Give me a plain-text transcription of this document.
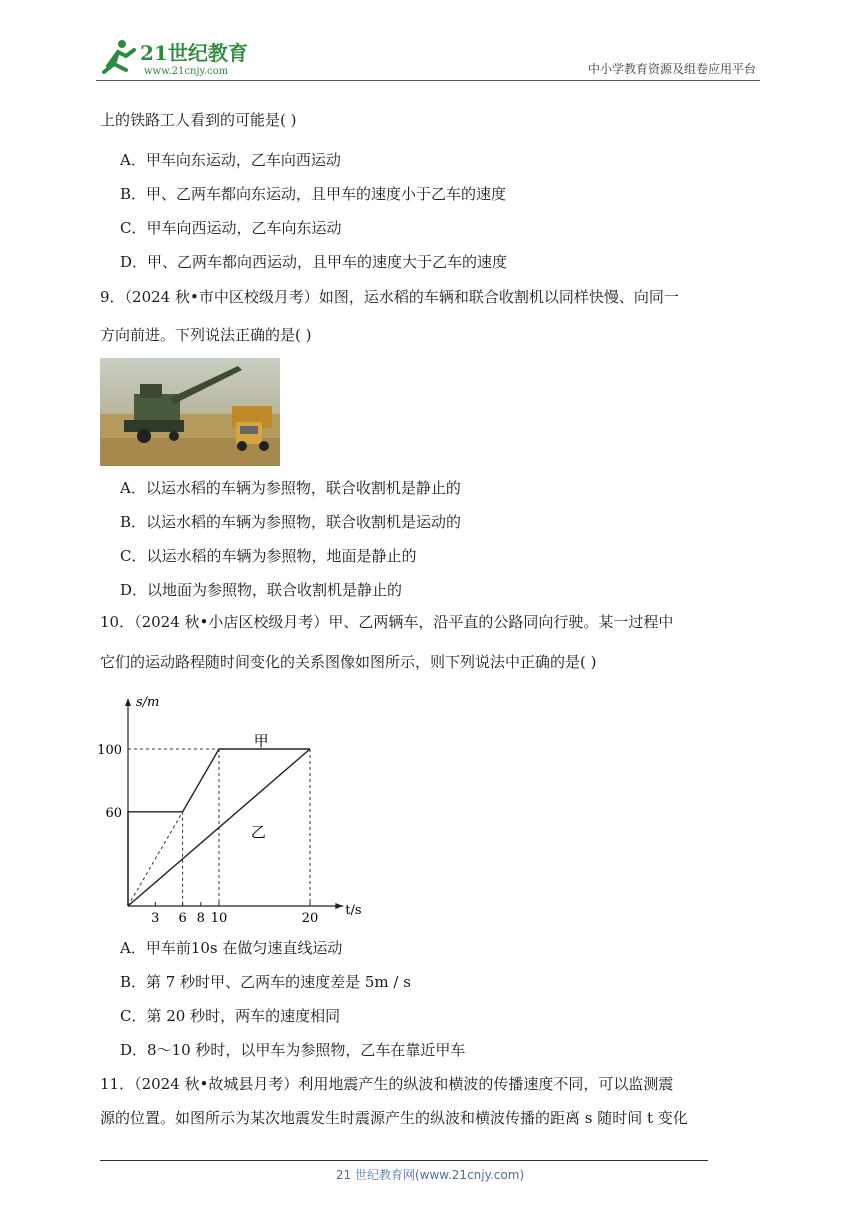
21世纪教育
www.21cnjy.com	中小学教育资源及组卷应用平台
上的铁路工人看到的可能是( )
A．甲车向东运动，乙车向西运动
B．甲、乙两车都向东运动，且甲车的速度小于乙车的速度
C．甲车向西运动，乙车向东运动
D．甲、乙两车都向西运动，且甲车的速度大于乙车的速度
9．（2024 秋•市中区校级月考）如图，运水稻的车辆和联合收割机以同样快慢、向同一
方向前进。下列说法正确的是( )
A．以运水稻的车辆为参照物，联合收割机是静止的
B．以运水稻的车辆为参照物，联合收割机是运动的
C．以运水稻的车辆为参照物，地面是静止的
D．以地面为参照物，联合收割机是静止的
10．（2024 秋•小店区校级月考）甲、乙两辆车，沿平直的公路同向行驶。某一过程中
它们的运动路程随时间变化的关系图像如图所示，则下列说法中正确的是( )
s/m
t/s
60
100
3 6 8 10	20
甲
乙
A．甲车前10s 在做匀速直线运动
B．第 7 秒时甲、乙两车的速度差是 5m / s
C．第 20 秒时，两车的速度相同
D．8～10 秒时，以甲车为参照物，乙车在靠近甲车
11．（2024 秋•故城县月考）利用地震产生的纵波和横波的传播速度不同，可以监测震
源的位置。如图所示为某次地震发生时震源产生的纵波和横波传播的距离 s 随时间 t 变化
21 世纪教育网(www.21cnjy.com)
